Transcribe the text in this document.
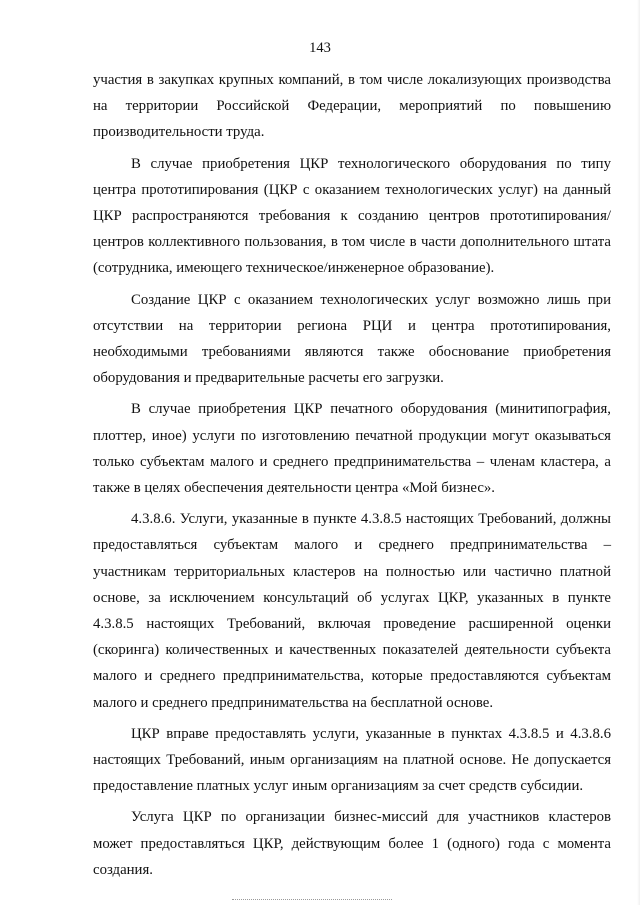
143

участия в закупках крупных компаний, в том числе локализующих производства на территории Российской Федерации, мероприятий по повышению производительности труда.

В случае приобретения ЦКР технологического оборудования по типу центра прототипирования (ЦКР с оказанием технологических услуг) на данный ЦКР распространяются требования к созданию центров прототипирования/центров коллективного пользования, в том числе в части дополнительного штата (сотрудника, имеющего техническое/инженерное образование).

Создание ЦКР с оказанием технологических услуг возможно лишь при отсутствии на территории региона РЦИ и центра прототипирования, необходимыми требованиями являются также обоснование приобретения оборудования и предварительные расчеты его загрузки.

В случае приобретения ЦКР печатного оборудования (минитипография, плоттер, иное) услуги по изготовлению печатной продукции могут оказываться только субъектам малого и среднего предпринимательства – членам кластера, а также в целях обеспечения деятельности центра «Мой бизнес».

4.3.8.6. Услуги, указанные в пункте 4.3.8.5 настоящих Требований, должны предоставляться субъектам малого и среднего предпринимательства – участникам территориальных кластеров на полностью или частично платной основе, за исключением консультаций об услугах ЦКР, указанных в пункте 4.3.8.5 настоящих Требований, включая проведение расширенной оценки (скоринга) количественных и качественных показателей деятельности субъекта малого и среднего предпринимательства, которые предоставляются субъектам малого и среднего предпринимательства на бесплатной основе.

ЦКР вправе предоставлять услуги, указанные в пунктах 4.3.8.5 и 4.3.8.6 настоящих Требований, иным организациям на платной основе. Не допускается предоставление платных услуг иным организациям за счет средств субсидии.

Услуга ЦКР по организации бизнес-миссий для участников кластеров может предоставляться ЦКР, действующим более 1 (одного) года с момента создания.
